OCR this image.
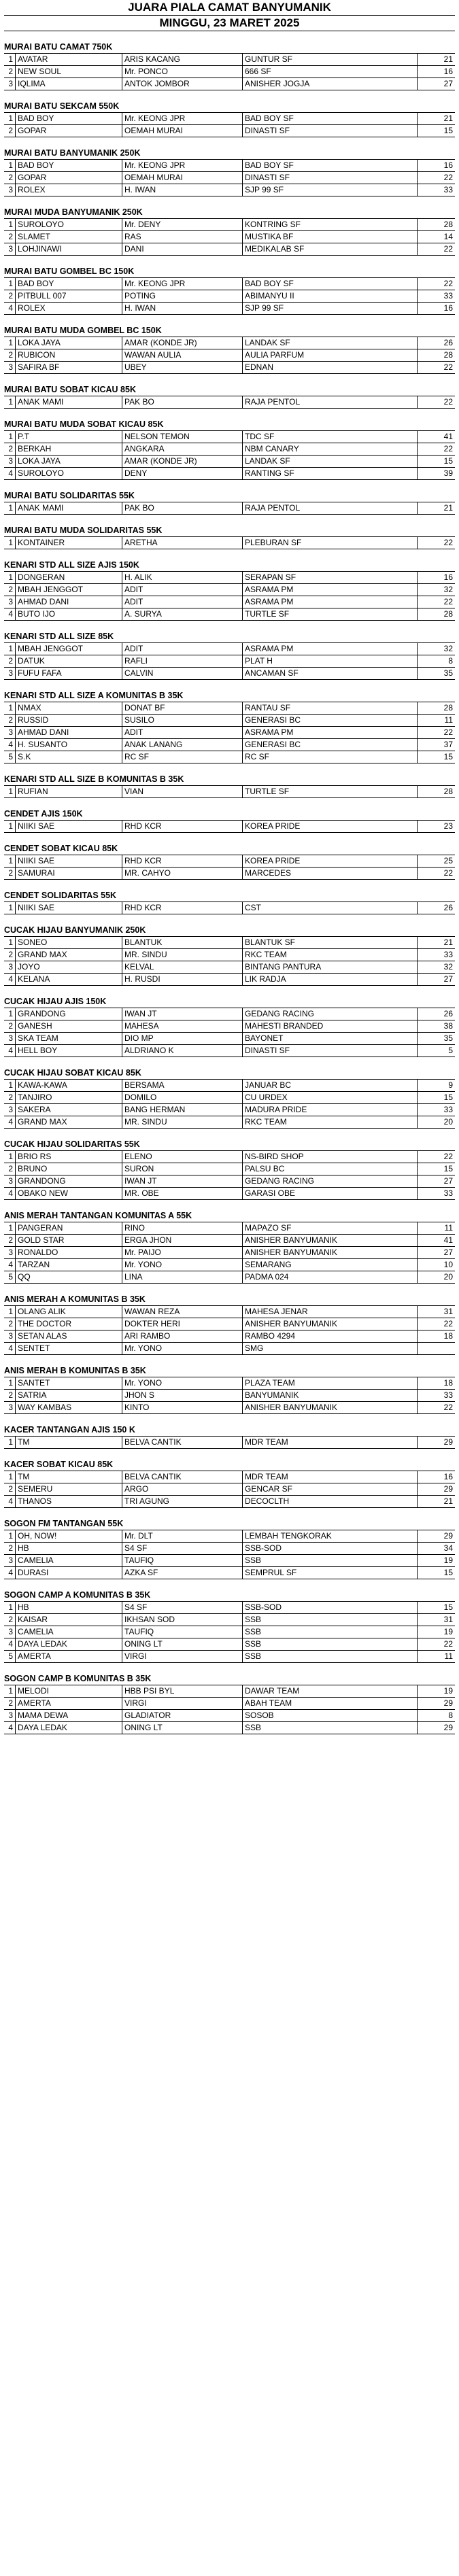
JUARA PIALA CAMAT BANYUMANIK
MINGGU, 23 MARET 2025
MURAI BATU CAMAT 750K
1	AVATAR	ARIS KACANG	GUNTUR SF	21
2	NEW SOUL	Mr. PONCO	666 SF	16
3	IQLIMA	ANTOK JOMBOR	ANISHER JOGJA	27
MURAI BATU SEKCAM 550K
1	BAD BOY	Mr. KEONG JPR	BAD BOY SF	21
2	GOPAR	OEMAH MURAI	DINASTI SF	15
MURAI BATU BANYUMANIK 250K
1	BAD BOY	Mr. KEONG JPR	BAD BOY SF	16
2	GOPAR	OEMAH MURAI	DINASTI SF	22
3	ROLEX	H. IWAN	SJP 99 SF	33
MURAI MUDA BANYUMANIK 250K
1	SUROLOYO	Mr. DENY	KONTRING SF	28
2	SLAMET	RAS	MUSTIKA BF	14
3	LOHJINAWI	DANI	MEDIKALAB SF	22
MURAI BATU GOMBEL BC 150K
1	BAD BOY	Mr. KEONG JPR	BAD BOY SF	22
2	PITBULL 007	POTING	ABIMANYU II	33
4	ROLEX	H. IWAN	SJP 99 SF	16
MURAI BATU MUDA GOMBEL BC 150K
1	LOKA JAYA	AMAR (KONDE JR)	LANDAK SF	26
2	RUBICON	WAWAN AULIA	AULIA PARFUM	28
3	SAFIRA BF	UBEY	EDNAN	22
MURAI BATU SOBAT KICAU 85K
1	ANAK MAMI	PAK BO	RAJA PENTOL	22
MURAI BATU MUDA SOBAT KICAU 85K
1	P.T	NELSON TEMON	TDC SF	41
2	BERKAH	ANGKARA	NBM CANARY	22
3	LOKA JAYA	AMAR (KONDE JR)	LANDAK SF	15
4	SUROLOYO	DENY	RANTING SF	39
MURAI BATU SOLIDARITAS 55K
1	ANAK MAMI	PAK BO	RAJA PENTOL	21
MURAI BATU MUDA SOLIDARITAS 55K
1	KONTAINER	ARETHA	PLEBURAN SF	22
KENARI STD ALL SIZE AJIS 150K
1	DONGERAN	H. ALIK	SERAPAN SF	16
2	MBAH JENGGOT	ADIT	ASRAMA PM	32
3	AHMAD DANI	ADIT	ASRAMA PM	22
4	BUTO IJO	A. SURYA	TURTLE SF	28
KENARI STD ALL SIZE 85K
1	MBAH JENGGOT	ADIT	ASRAMA PM	32
2	DATUK	RAFLI	PLAT H	8
3	FUFU FAFA	CALVIN	ANCAMAN SF	35
KENARI STD ALL SIZE A KOMUNITAS B 35K
1	NMAX	DONAT BF	RANTAU SF	28
2	RUSSID	SUSILO	GENERASI BC	11
3	AHMAD DANI	ADIT	ASRAMA PM	22
4	H. SUSANTO	ANAK LANANG	GENERASI BC	37
5	S.K	RC SF	RC SF	15
KENARI STD ALL SIZE B KOMUNITAS B 35K
1	RUFIAN	VIAN	TURTLE SF	28
CENDET AJIS 150K
1	NIIKI SAE	RHD KCR	KOREA PRIDE	23
CENDET SOBAT KICAU 85K
1	NIIKI SAE	RHD KCR	KOREA PRIDE	25
2	SAMURAI	MR. CAHYO	MARCEDES	22
CENDET SOLIDARITAS 55K
1	NIIKI SAE	RHD KCR	CST	26
CUCAK HIJAU BANYUMANIK 250K
1	SONEO	BLANTUK	BLANTUK SF	21
2	GRAND MAX	MR. SINDU	RKC TEAM	33
3	JOYO	KELVAL	BINTANG PANTURA	32
4	KELANA	H. RUSDI	LIK RADJA	27
CUCAK HIJAU AJIS 150K
1	GRANDONG	IWAN JT	GEDANG RACING	26
2	GANESH	MAHESA	MAHESTI BRANDED	38
3	SKA TEAM	DIO MP	BAYONET	35
4	HELL BOY	ALDRIANO K	DINASTI SF	5
CUCAK HIJAU SOBAT KICAU 85K
1	KAWA-KAWA	BERSAMA	JANUAR BC	9
2	TANJIRO	DOMILO	CU URDEX	15
3	SAKERA	BANG HERMAN	MADURA PRIDE	33
4	GRAND MAX	MR. SINDU	RKC TEAM	20
CUCAK HIJAU SOLIDARITAS 55K
1	BRIO RS	ELENO	NS-BIRD SHOP	22
2	BRUNO	SURON	PALSU BC	15
3	GRANDONG	IWAN JT	GEDANG RACING	27
4	OBAKO NEW	MR. OBE	GARASI OBE	33
ANIS MERAH TANTANGAN KOMUNITAS A 55K
1	PANGERAN	RINO	MAPAZO SF	11
2	GOLD STAR	ERGA JHON	ANISHER BANYUMANIK	41
3	RONALDO	Mr. PAIJO	ANISHER BANYUMANIK	27
4	TARZAN	Mr. YONO	SEMARANG	10
5	QQ	LINA	PADMA 024	20
ANIS MERAH A KOMUNITAS B 35K
1	OLANG ALIK	WAWAN REZA	MAHESA JENAR	31
2	THE DOCTOR	DOKTER HERI	ANISHER BANYUMANIK	22
3	SETAN ALAS	ARI RAMBO	RAMBO 4294	18
4	SENTET	Mr. YONO	SMG	
ANIS MERAH B KOMUNITAS B 35K
1	SANTET	Mr. YONO	PLAZA TEAM	18
2	SATRIA	JHON S	BANYUMANIK	33
3	WAY KAMBAS	KINTO	ANISHER BANYUMANIK	22
KACER TANTANGAN AJIS 150 K
1	TM	BELVA CANTIK	MDR TEAM	29
KACER SOBAT KICAU 85K
1	TM	BELVA CANTIK	MDR TEAM	16
2	SEMERU	ARGO	GENCAR SF	29
4	THANOS	TRI AGUNG	DECOCLTH	21
SOGON FM TANTANGAN 55K
1	OH, NOW!	Mr. DLT	LEMBAH TENGKORAK	29
2	HB	S4 SF	SSB-SOD	34
3	CAMELIA	TAUFIQ	SSB	19
4	DURASI	AZKA SF	SEMPRUL SF	15
SOGON CAMP A KOMUNITAS B 35K
1	HB	S4 SF	SSB-SOD	15
2	KAISAR	IKHSAN SOD	SSB	31
3	CAMELIA	TAUFIQ	SSB	19
4	DAYA LEDAK	ONING LT	SSB	22
5	AMERTA	VIRGI	SSB	11
SOGON CAMP B KOMUNITAS B 35K
1	MELODI	HBB PSI BYL	DAWAR TEAM	19
2	AMERTA	VIRGI	ABAH TEAM	29
3	MAMA DEWA	GLADIATOR	SOSOB	8
4	DAYA LEDAK	ONING LT	SSB	29
